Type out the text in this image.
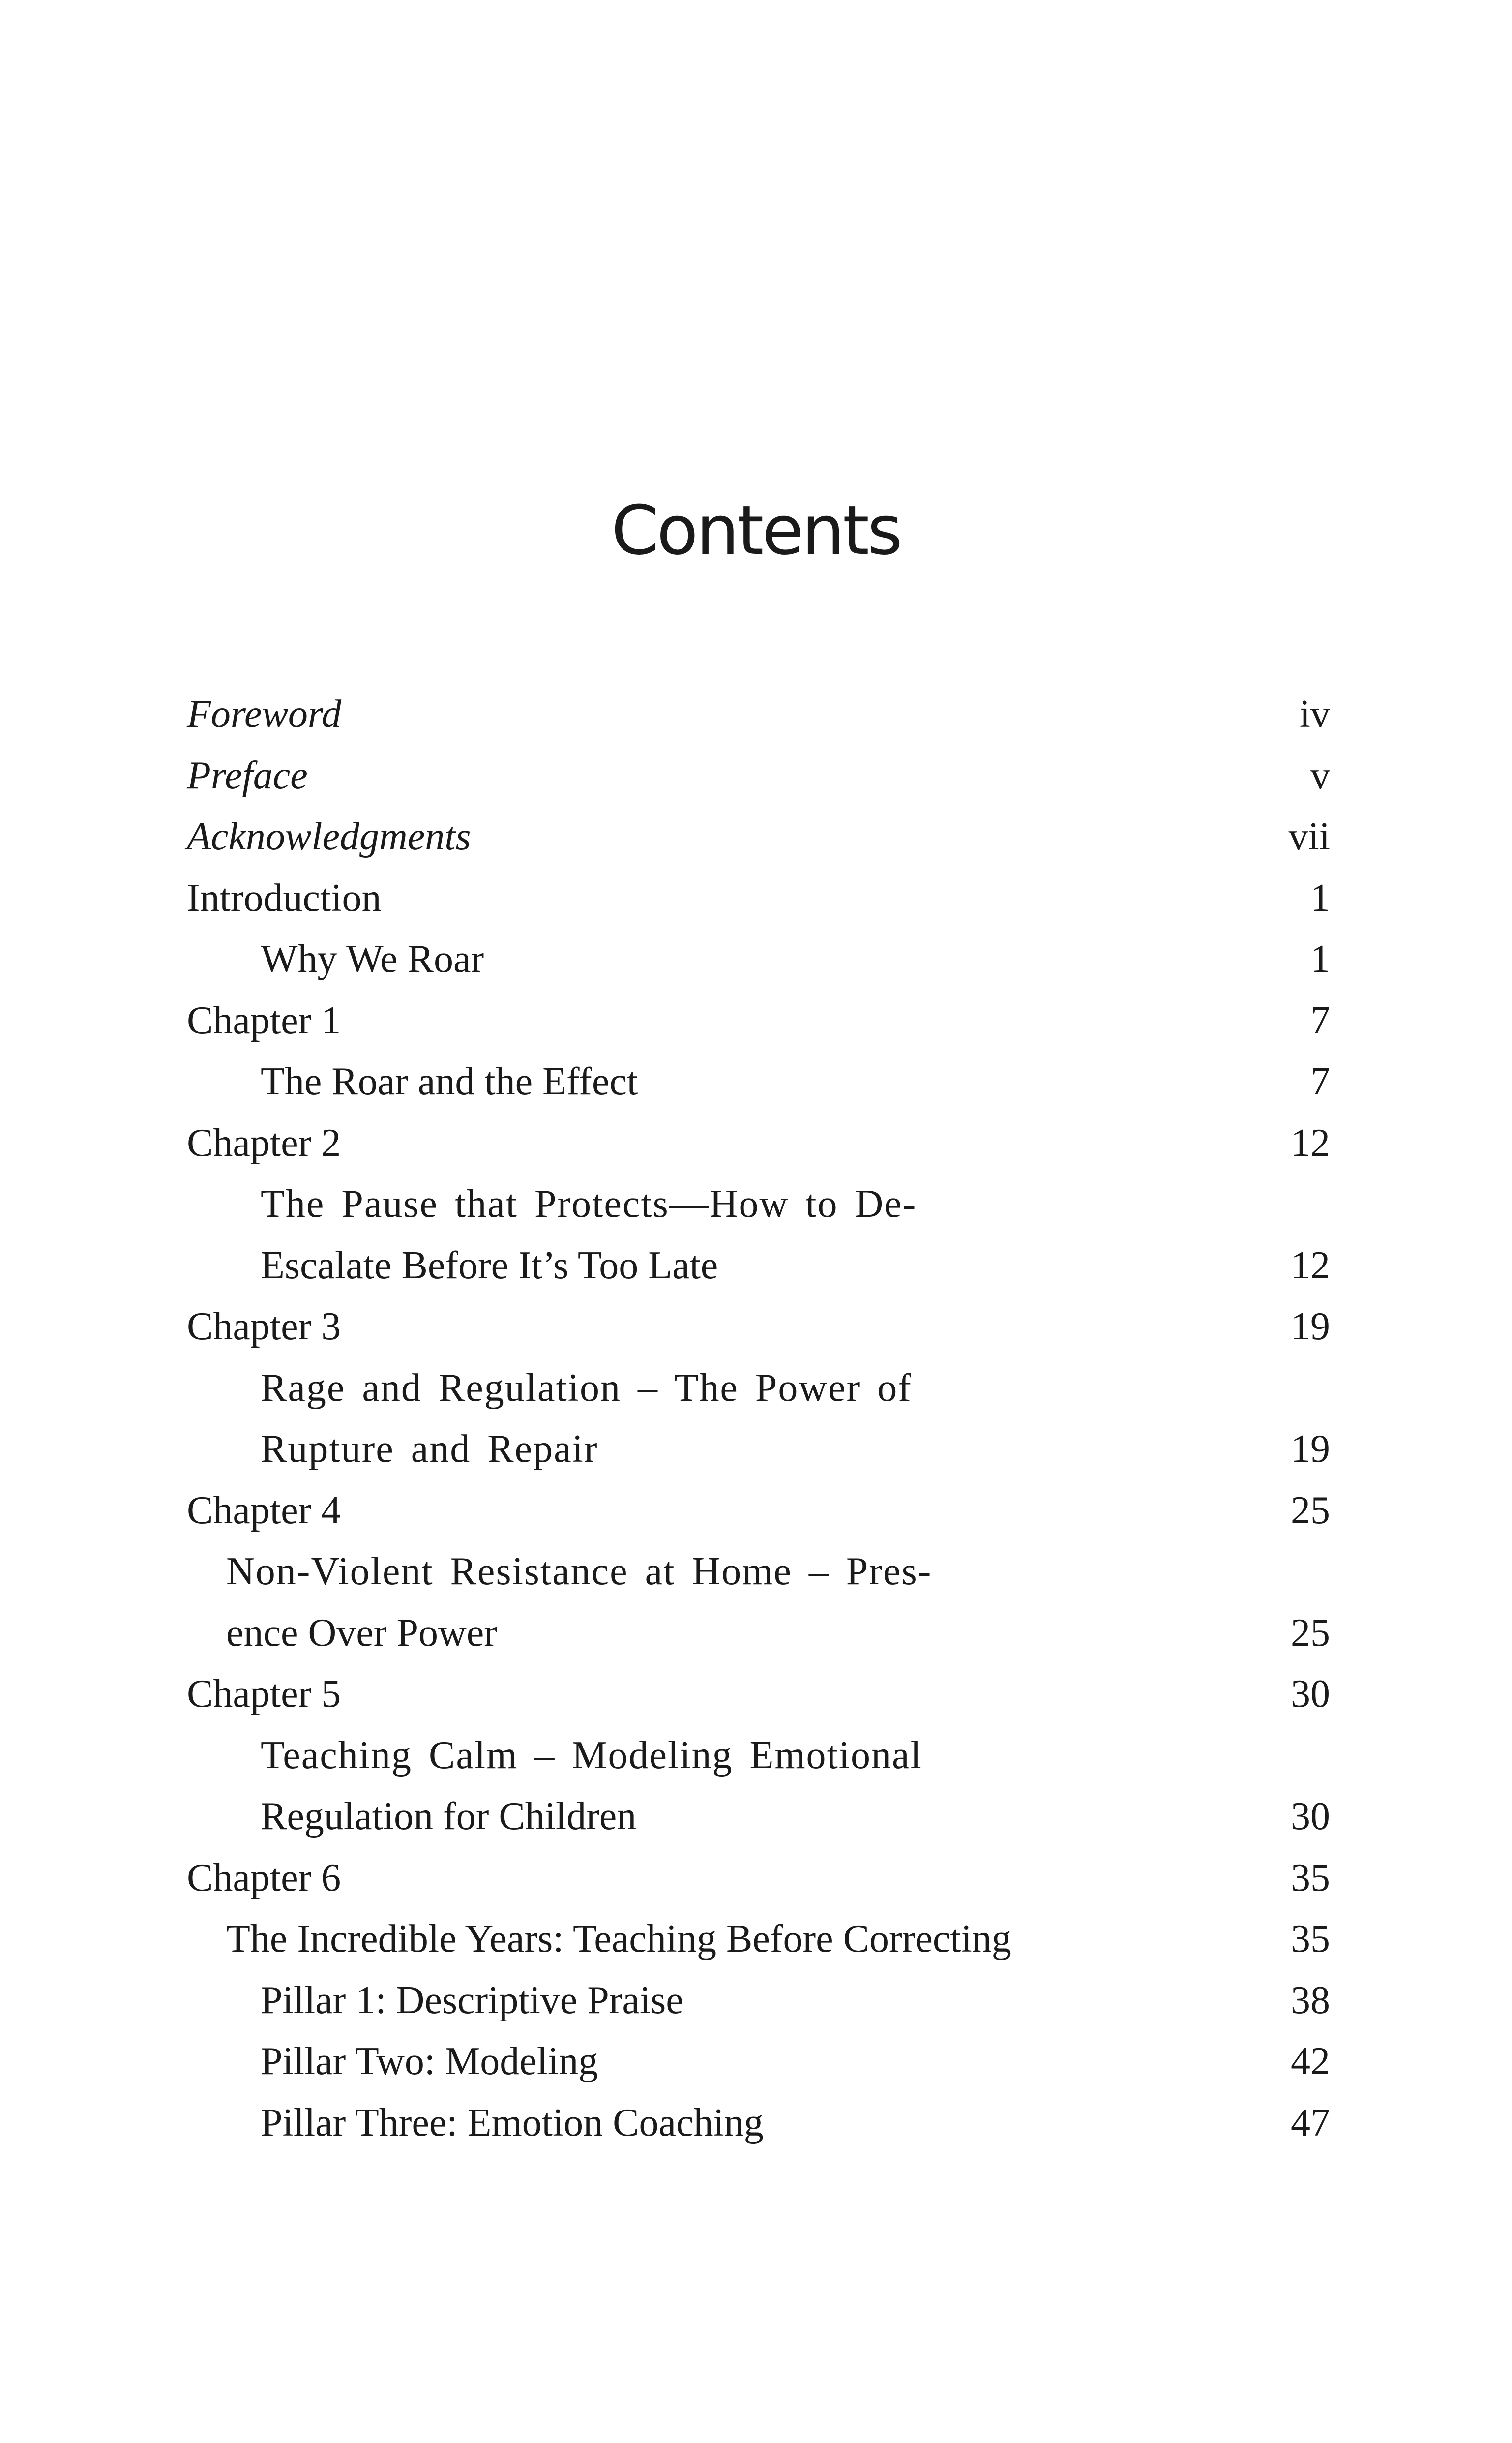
Contents
Foreword	iv
Preface	v
Acknowledgments	vii
Introduction	1
Why We Roar	1
Chapter 1	7
The Roar and the Effect	7
Chapter 2	12
The Pause that Protects—How to De-
Escalate Before It’s Too Late	12
Chapter 3	19
Rage and Regulation – The Power of
Rupture and Repair	19
Chapter 4	25
Non-Violent Resistance at Home – Pres-
ence Over Power	25
Chapter 5	30
Teaching Calm – Modeling Emotional
Regulation for Children	30
Chapter 6	35
The Incredible Years: Teaching Before Correcting	35
Pillar 1: Descriptive Praise	38
Pillar Two: Modeling	42
Pillar Three: Emotion Coaching	47
